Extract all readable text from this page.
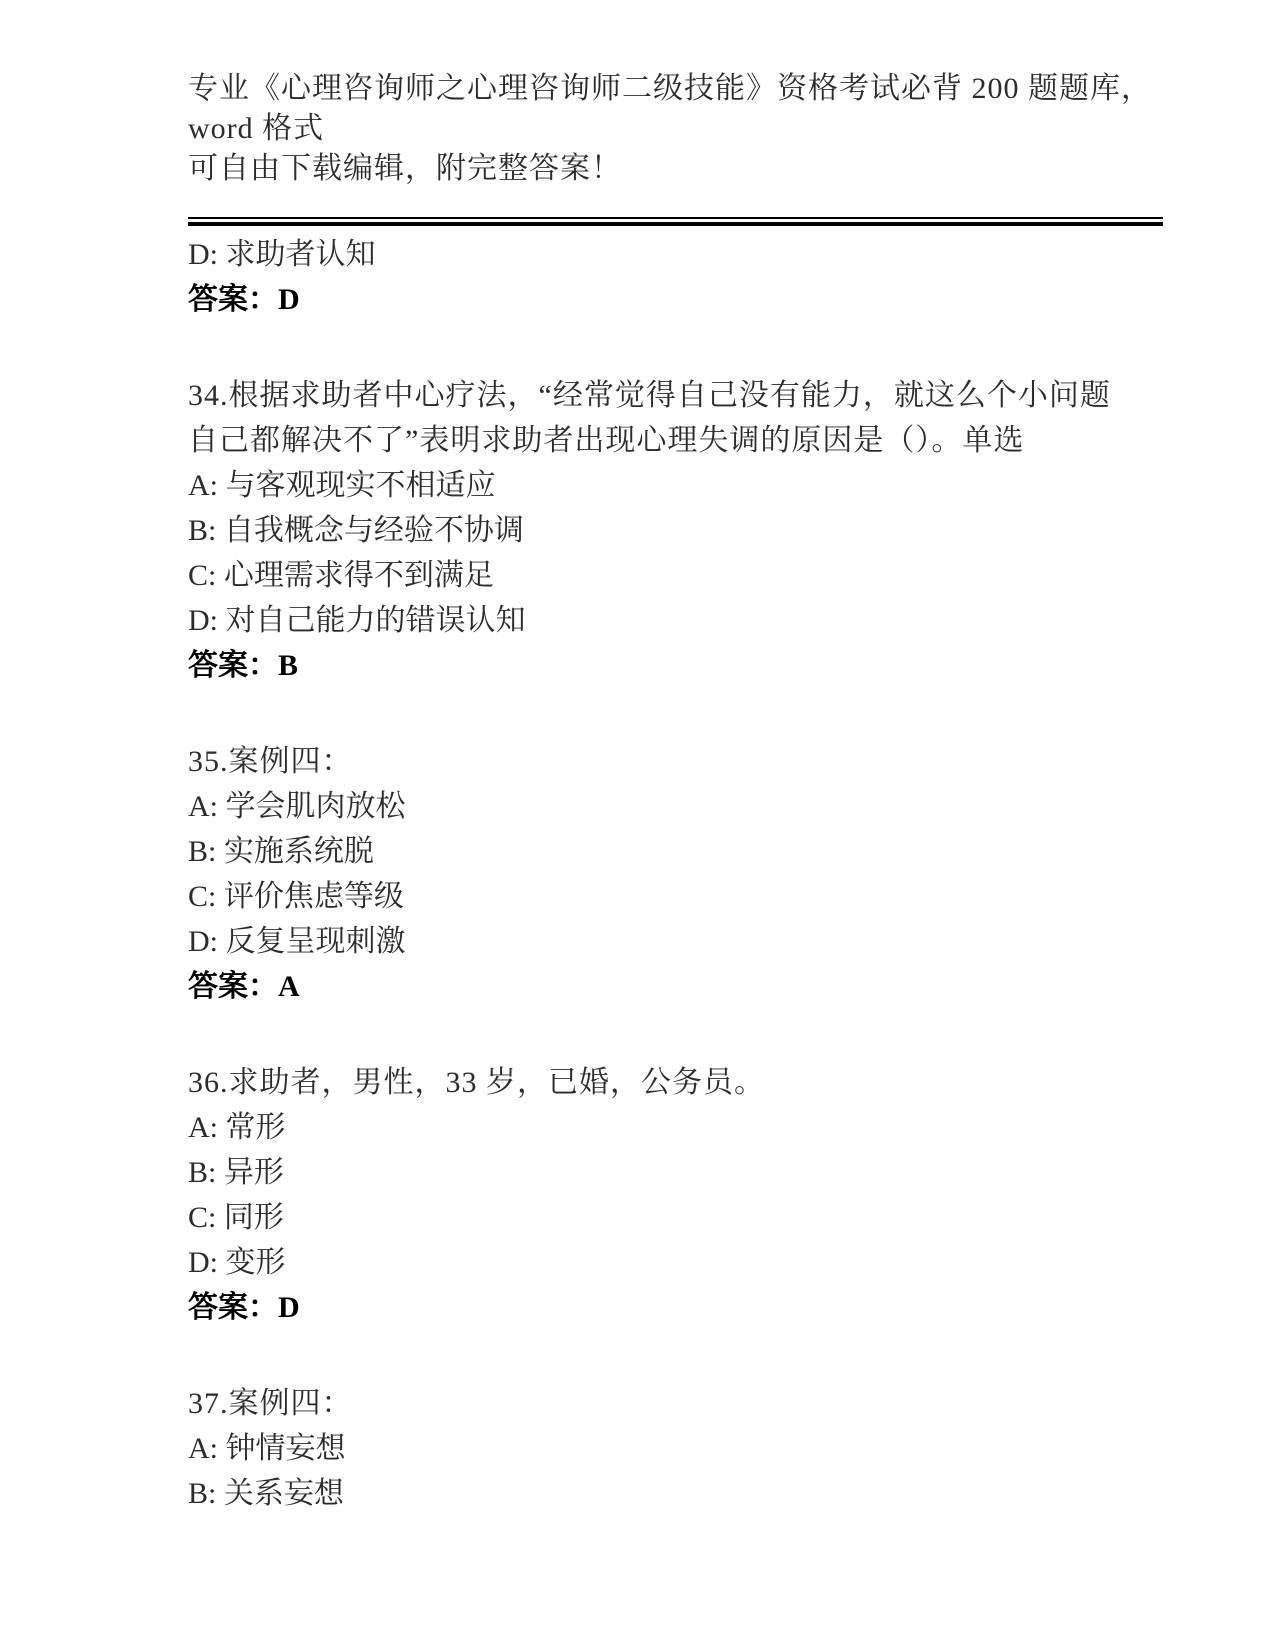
专业《心理咨询师之心理咨询师二级技能》资格考试必背 200 题题库，word 格式
可自由下载编辑，附完整答案！
D: 求助者认知
答案：D
34.根据求助者中心疗法，“经常觉得自己没有能力，就这么个小问题
自己都解决不了”表明求助者出现心理失调的原因是（）。单选
A: 与客观现实不相适应
B: 自我概念与经验不协调
C: 心理需求得不到满足
D: 对自己能力的错误认知
答案：B
35.案例四：
A: 学会肌肉放松
B: 实施系统脱
C: 评价焦虑等级
D: 反复呈现刺激
答案：A
36.求助者，男性，33 岁，已婚，公务员。
A: 常形
B: 异形
C: 同形
D: 变形
答案：D
37.案例四：
A: 钟情妄想
B: 关系妄想
